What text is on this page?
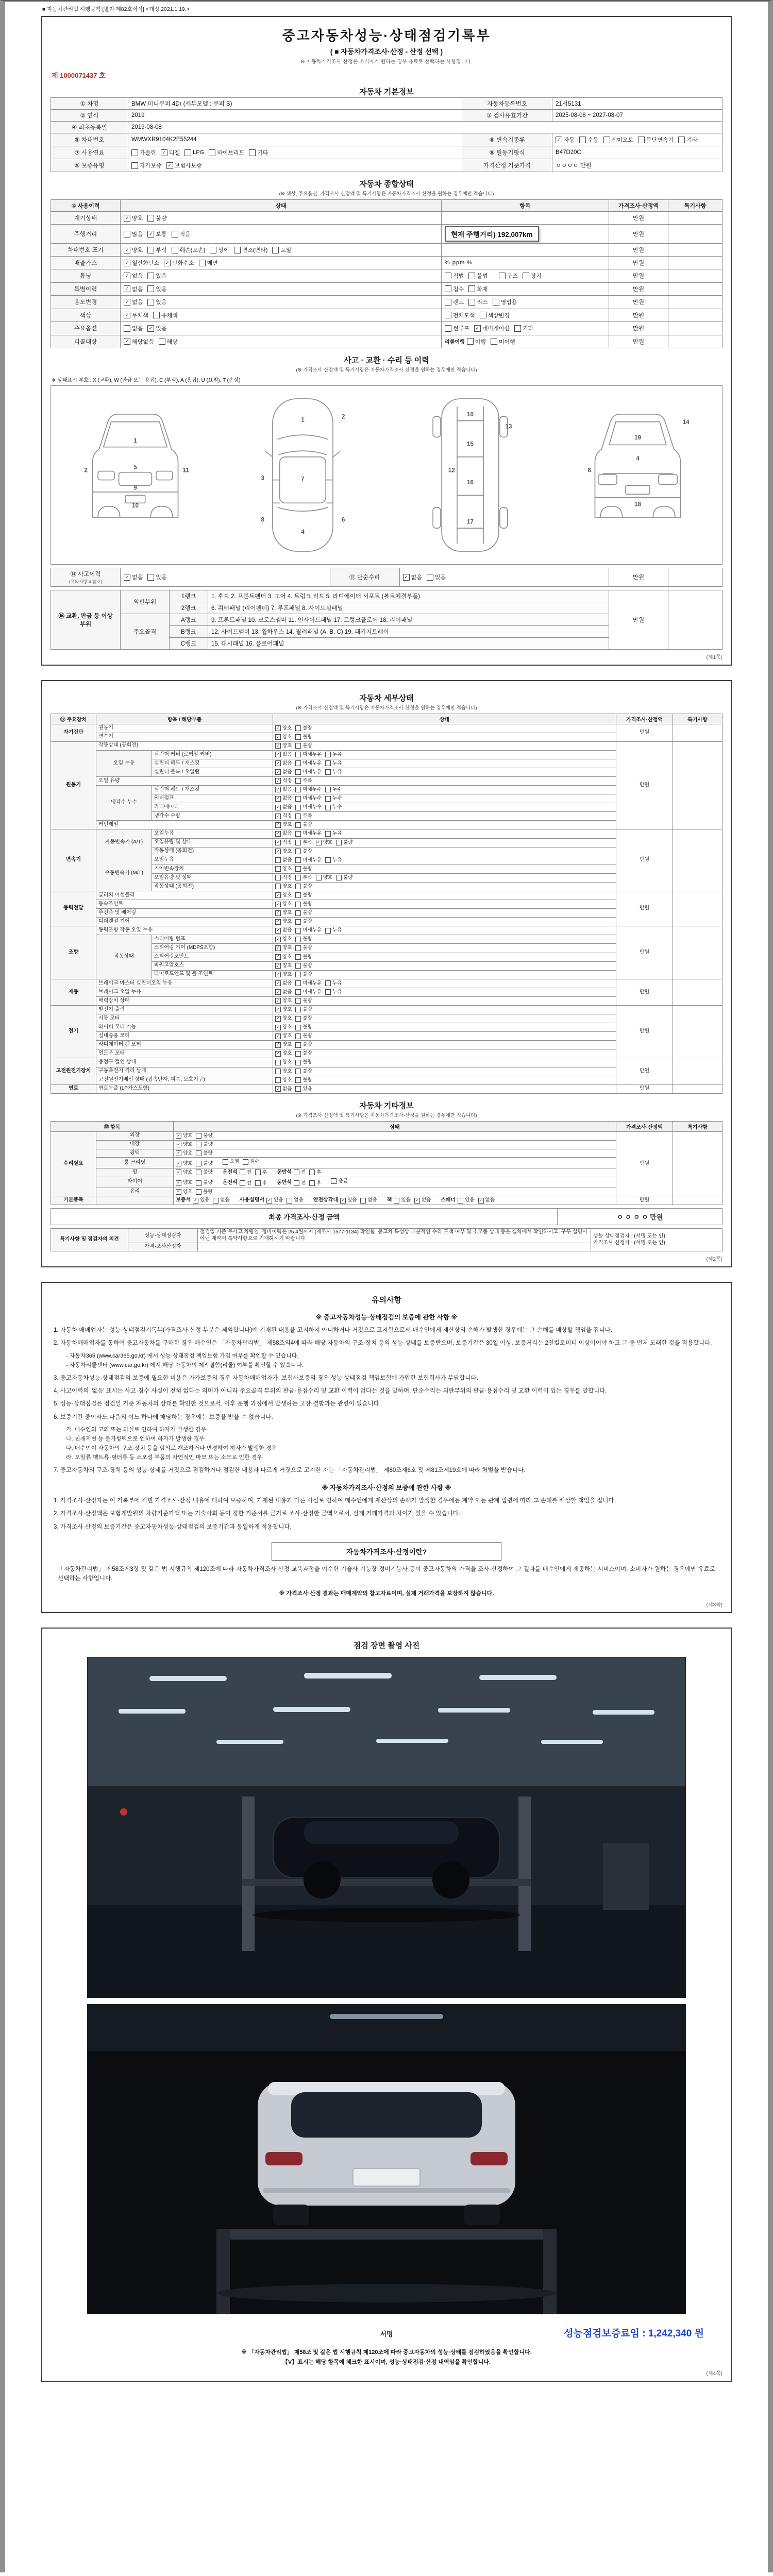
■ 자동차관리법 시행규칙 [별지 제82호서식] <개정 2021.1.19.>
중고자동차성능·상태점검기록부
( ■ 자동차가격조사·산정 - 산정 선택 )
※ 자동차가격조사·산정은 소비자가 원하는 경우 유료로 선택하는 사항입니다.
제 1000071437 호
자동차 기본정보
① 차명	BMW 미니쿠퍼 4Dr (세부모델 : 쿠퍼 S)	자동차등록번호	21서5131
② 연식	2019	③ 검사유효기간	2025-08-08 ~ 2027-08-07
④ 최초등록일	2019-08-08		
⑤ 차대번호	WMWXR9104K2E55244	⑥ 변속기종류	✓ 자동 수동 세미오토 무단변속기 기타

⑦ 사용연료	가솔린	✓ 디젤 LPG 하이브리드 기타	⑧ 원동기형식	B47D20C
⑨ 보증유형	자가보증 ✓ 보험사보증	가격산정 기준가격	ㅇㅇㅇㅇ 만원
자동차 종합상태
(※ 색상, 주요옵션, 가격조사·산정액 및 특기사항은 자동차가격조사·산정을 원하는 경우에만 적습니다)
⑩ 사용이력	상태	항목	가격조사·산정액	특기사항
계기상태	✓ 양호 불량		만원	
주행거리	많음 ✓ 보통 적음	현재 주행거리) 192,007km	만원	
차대번호 표기	✓ 양호 부식 훼손(오손) 상이 변조(변타) 도말		만원	
배출가스	✓ 일산화탄소 ✓ 탄화수소 매연	% ppm %	만원	
튜닝	✓ 없음 있음	적법 불법 구조 장치	만원	
특별이력	✓ 없음 있음	침수 화재	만원	
용도변경	✓ 없음 있음	렌트 리스 영업용	만원	
색상	✓ 무채색 유채색	전체도색 색상변경	만원	
주요옵션	없음 ✓ 있음	썬루프 ✓ 네비게이션 기타	만원	
리콜대상	✓ 해당없음 해당	리콜이행 이행 미이행	만원	
사고 · 교환 · 수리 등 이력
(※ 가격조사·산정액 및 특기사항은 자동차가격조사·산정을 원하는 경우에만 적습니다)
※ 상태표시 부호 : X (교환), W (판금 또는 용접), C (부식), A (흠집), U (요철), T (손상)
1
2	5
9
10
11
1	2
3
4
6
7
8
10
12
13
15
16
17
4
6
14
18
19
⑭ 사고이력
(유의사항 4 참조)

✓ 없음 있음	⑮ 단순수리	✓ 없음 있음	만원	
⑯ 교환, 판금 등 이상 부위	외판부위	1랭크	1. 후드 2. 프론트펜더 3. 도어 4. 트렁크 리드 5. 라디에이터 서포트 (볼트체결부품)	만원	
		2랭크	6. 쿼터패널 (리어펜더) 7. 루프패널 8. 사이드실패널		
	주요골격	A랭크	9. 프론트패널 10. 크로스멤버 11. 인사이드패널 17. 트렁크플로어 18. 리어패널		
		B랭크	12. 사이드멤버 13. 휠하우스 14. 필러패널 (A, B, C) 19. 패키지트레이		
		C랭크	15. 대시패널 16. 플로어패널		
(제1쪽)
자동차 세부상태
(※ 가격조사·산정액 및 특기사항은 자동차가격조사·산정을 원하는 경우에만 적습니다)
⑰ 주요장치	항목 / 해당부품		상태	가격조사·산정액	특기사항
자기진단	원동기		✓ 양호 불량	만원	
	변속기		✓ 양호 불량		

원동기	작동상태 (공회전)		✓ 양호 불량	만원	
	오일 누유	실린더 커버 (로커암 커버)	✓ 없음 미세누유 누유		

		실린더 헤드 / 개스킷	✓ 없음 미세누유 누유		

		실린더 블록 / 오일팬	✓ 없음 미세누유 누유		

	오일 유량		✓ 적정 부족		

	냉각수 누수	실린더 헤드 / 개스킷	✓ 없음 미세누수 누수		

		워터펌프	✓ 없음 미세누수 누수		

		라디에이터	✓ 없음 미세누수 누수		

		냉각수 수량	✓ 적정 부족		

	커먼레일		✓ 양호 불량		

변속기	자동변속기 (A/T)	오일누유	✓ 없음 미세누유 누유	만원	
오일유량 및 상태	✓ 적정 부족 ✓ 양호 불량

		작동상태 (공회전)	✓ 양호 불량		

	수동변속기 (M/T)	오일누유	없음 미세누유 누유		

		기어변속장치	양호 불량		

		오일유량 및 상태	적정 부족 양호 불량		

		작동상태 (공회전)	양호 불량		

동력전달	클러치 어셈블리		✓ 양호 불량	만원	
	등속조인트		✓ 양호 불량		

	추진축 및 베어링		✓ 양호 불량		

	디퍼렌셜 기어		✓ 양호 불량		

조향	동력조향 작동 오일 누유		✓ 없음 미세누유 누유	만원	
	작동상태	스티어링 펌프	✓ 양호 불량		

		스티어링 기어 (MDPS포함)	✓ 양호 불량		

		스티어링조인트	✓ 양호 불량		

		파워고압호스	✓ 양호 불량		

		타이로드엔드 및 볼 조인트	✓ 양호 불량		

제동	브레이크 마스터 실린더오일 누유		✓ 없음 미세누유 누유	만원	
	브레이크 오일 누유		✓ 없음 미세누유 누유		

	배력장치 상태		✓ 양호 불량		

전기	발전기 출력		✓ 양호 불량	만원	
	시동 모터		✓ 양호 불량		

	와이퍼 모터 기능		✓ 양호 불량		

	실내송풍 모터		✓ 양호 불량		

	라디에이터 팬 모터		✓ 양호 불량		

	윈도우 모터		✓ 양호 불량		

고전원전기장치	충전구 절연 상태		양호 불량	만원	
	구동축전지 격리 상태		양호 불량		

	고전원전기배선 상태 (접속단자, 피복, 보호기구)		양호 불량		

연료	연료누출 (LP가스포함)		✓ 없음 있음	만원	
자동차 기타정보
(※ 가격조사·산정액 및 특기사항은 자동차가격조사·산정을 원하는 경우에만 적습니다)
⑱ 항목		상태	가격조사·산정액	특기사항
수리필요	외장	✓ 양호 불량	만원	
	내장	✓ 양호 불량		

	광택	✓ 양호 불량		

	룸 크리닝	✓ 양호 불량 오염 침수		

휠	✓ 양호 불량 운전석 전 후 동반석 전 후

타이어	✓ 양호 불량 운전석 전 후 동반석 전 후	응급

	유리	✓ 양호 불량		

기본품목		보증서 ✓ 있음 없음 사용설명서 ✓ 있음 없음 안전삼각대 ✓ 있음 없음 잭 있음 ✓ 없음 스패너 있음 ✓ 없음	만원	
최종 가격조사·산정 금액	ㅇ ㅇ ㅇ ㅇ 만원
특기사항 및 점검자의 의견	성능·상태점검자	점검일 기준 무사고 차량임. 정비이력은 25.4월까지 (제조사 1577-1134) 확인함. 중고차 특성상 부분적인 수리·도색 여부 및 소모품 상태 등은 실차에서 확인하시고, 구두 설명이 아닌 계약서 특약사항으로 기재하시기 바랍니다.	성능·상태점검자 : (서명 또는 인)
가격조사·산정자 : (서명 또는 인)

	가격·조사산정자		
(제2쪽)
유의사항
※ 중고자동차성능·상태점검의 보증에 관한 사항 ※

1. 자동차 매매업자는 성능·상태점검기록부(가격조사·산정 부분은 제외합니다)에 기재된 내용을 고지하지 아니하거나 거짓으로 고지함으로써 매수인에게 재산상의 손해가 발생한 경우에는 그 손해를 배상할 책임을 집니다.

2. 자동차매매업자를 통하여 중고자동차를 구매한 경우 매수인은 「자동차관리법」 제58조의4에 따라 해당 자동차의 구조·장치 등의 성능·상태를 보증받으며, 보증기간은 30일 이상, 보증거리는 2천킬로미터 이상이어야 하고 그 중 먼저 도래한 것을 적용합니다.

- 자동차365 (www.car365.go.kr) 에서 성능·상태점검 책임보험 가입 여부를 확인할 수 있습니다.
- 자동차리콜센터 (www.car.go.kr) 에서 해당 자동차의 제작결함(리콜) 여부를 확인할 수 있습니다.

3. 중고자동차성능·상태점검의 보증에 필요한 비용은 자가보증의 경우 자동차매매업자가, 보험사보증의 경우 성능·상태점검 책임보험에 가입한 보험회사가 부담합니다.

4. 사고이력의 '없음' 표시는 사고·침수 사실이 전혀 없다는 의미가 아니라 주요골격 부위의 판금·용접수리 및 교환 이력이 없다는 것을 말하며, 단순수리는 외판부위의 판금·용접수리 및 교환 이력이 있는 경우를 말합니다.

5. 성능·상태점검은 점검일 기준 자동차의 상태를 확인한 것으로서, 이후 운행 과정에서 발생하는 고장·결함과는 관련이 없습니다.

6. 보증기간 중이라도 다음의 어느 하나에 해당하는 경우에는 보증을 받을 수 없습니다.

가. 매수인의 고의 또는 과실로 인하여 하자가 발생한 경우
나. 천재지변 등 불가항력으로 인하여 하자가 발생한 경우
다. 매수인이 자동차의 구조·장치 등을 임의로 개조하거나 변경하여 하자가 발생한 경우
라. 오일류·벨트류·필터류 등 소모성 부품의 자연적인 마모 또는 소모로 인한 경우

7. 중고자동차의 구조·장치 등의 성능·상태를 거짓으로 점검하거나 점검한 내용과 다르게 거짓으로 고지한 자는 「자동차관리법」 제80조제6호 및 제81조제19호에 따라 처벌을 받습니다.

※ 자동차가격조사·산정의 보증에 관한 사항 ※

1. 가격조사·산정자는 이 기록부에 적힌 가격조사·산정 내용에 대하여 보증하며, 기재된 내용과 다른 사실로 인하여 매수인에게 재산상의 손해가 발생한 경우에는 계약 또는 관계 법령에 따라 그 손해를 배상할 책임을 집니다.

2. 가격조사·산정액은 보험개발원의 차량기준가액 또는 기술사회 등이 정한 기준서를 근거로 조사·산정한 금액으로서, 실제 거래가격과 차이가 있을 수 있습니다.

3. 가격조사·산정의 보증기간은 중고자동차성능·상태점검의 보증기간과 동일하게 적용합니다.

자동차가격조사·산정이란?

「자동차관리법」 제58조제3항 및 같은 법 시행규칙 제120조에 따라 자동차가격조사·산정 교육과정을 이수한 기술사·기능장·정비기능사 등이 중고자동차의 가격을 조사·산정하여 그 결과를 매수인에게 제공하는 서비스이며, 소비자가 원하는 경우에만 유료로 선택하는 사항입니다.

※ 가격조사·산정 결과는 매매계약의 참고자료이며, 실제 거래가격을 보장하지 않습니다.

(제3쪽)
점검 장면 촬영 사진
서명	성능점검보증료임 : 1,242,340 원
※ 「자동차관리법」 제58조 및 같은 법 시행규칙 제120조에 따라 중고자동차의 성능·상태를 점검하였음을 확인합니다.
【V】표시는 해당 항목에 체크한 표시이며, 성능·상태점검·산정 내역임을 확인합니다.
(제4쪽)
